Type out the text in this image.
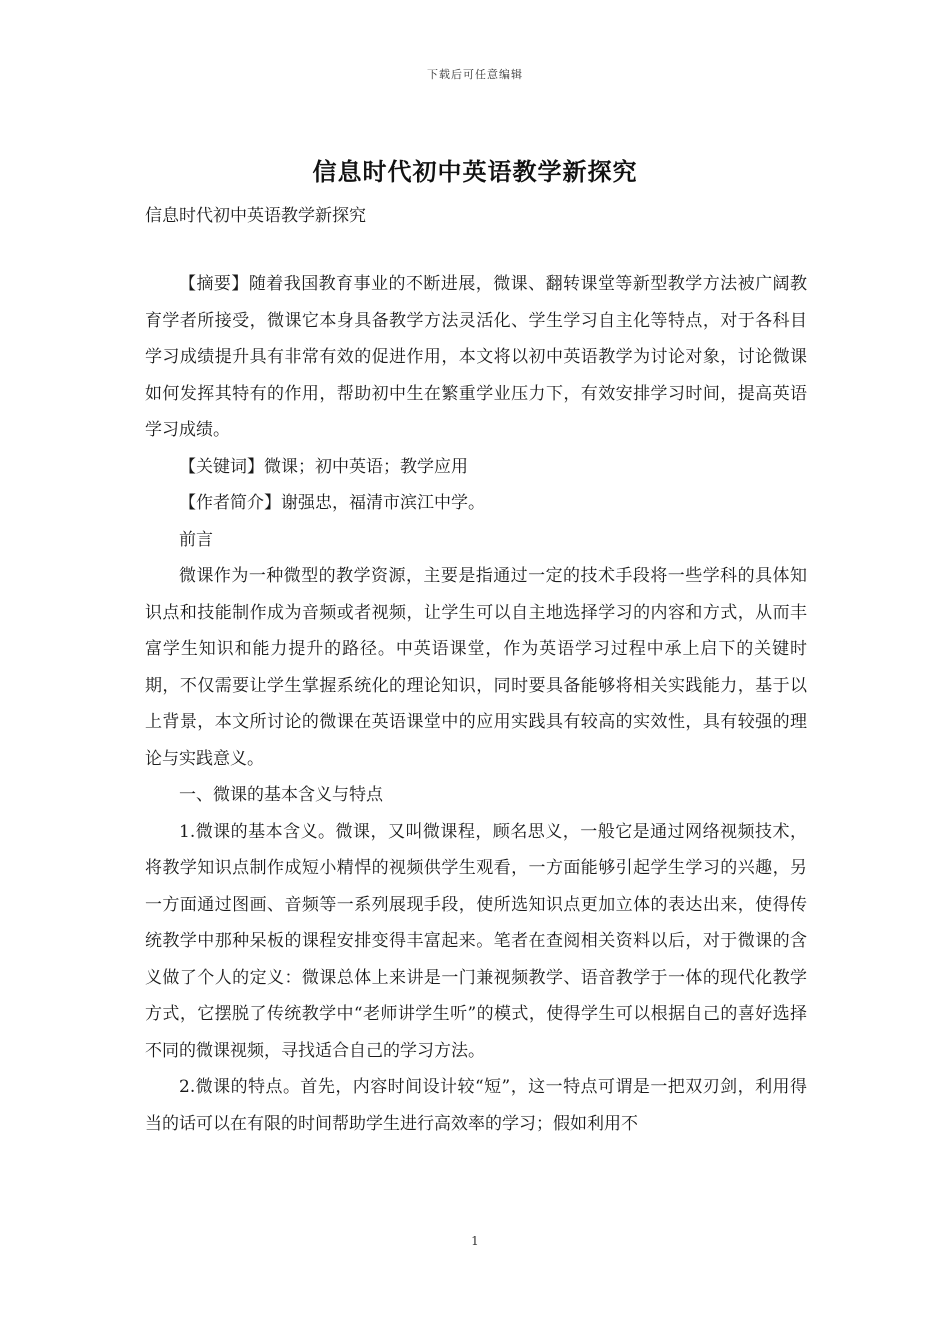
下载后可任意编辑
信息时代初中英语教学新探究
信息时代初中英语教学新探究

【摘要】随着我国教育事业的不断进展，微课、翻转课堂等新型教学方法被广阔教育学者所接受，微课它本身具备教学方法灵活化、学生学习自主化等特点，对于各科目学习成绩提升具有非常有效的促进作用，本文将以初中英语教学为讨论对象，讨论微课如何发挥其特有的作用，帮助初中生在繁重学业压力下，有效安排学习时间，提高英语学习成绩。

【关键词】微课；初中英语；教学应用

【作者简介】谢强忠，福清市滨江中学。

前言

微课作为一种微型的教学资源，主要是指通过一定的技术手段将一些学科的具体知识点和技能制作成为音频或者视频，让学生可以自主地选择学习的内容和方式，从而丰富学生知识和能力提升的路径。中英语课堂，作为英语学习过程中承上启下的关键时期，不仅需要让学生掌握系统化的理论知识，同时要具备能够将相关实践能力，基于以上背景，本文所讨论的微课在英语课堂中的应用实践具有较高的实效性，具有较强的理论与实践意义。

一、微课的基本含义与特点

1.微课的基本含义。微课，又叫微课程，顾名思义，一般它是通过网络视频技术，将教学知识点制作成短小精悍的视频供学生观看，一方面能够引起学生学习的兴趣，另一方面通过图画、音频等一系列展现手段，使所选知识点更加立体的表达出来，使得传统教学中那种呆板的课程安排变得丰富起来。笔者在查阅相关资料以后，对于微课的含义做了个人的定义：微课总体上来讲是一门兼视频教学、语音教学于一体的现代化教学方式，它摆脱了传统教学中“老师讲学生听”的模式，使得学生可以根据自己的喜好选择不同的微课视频，寻找适合自己的学习方法。

2.微课的特点。首先，内容时间设计较“短”，这一特点可谓是一把双刃剑，利用得当的话可以在有限的时间帮助学生进行高效率的学习；假如利用不

1
